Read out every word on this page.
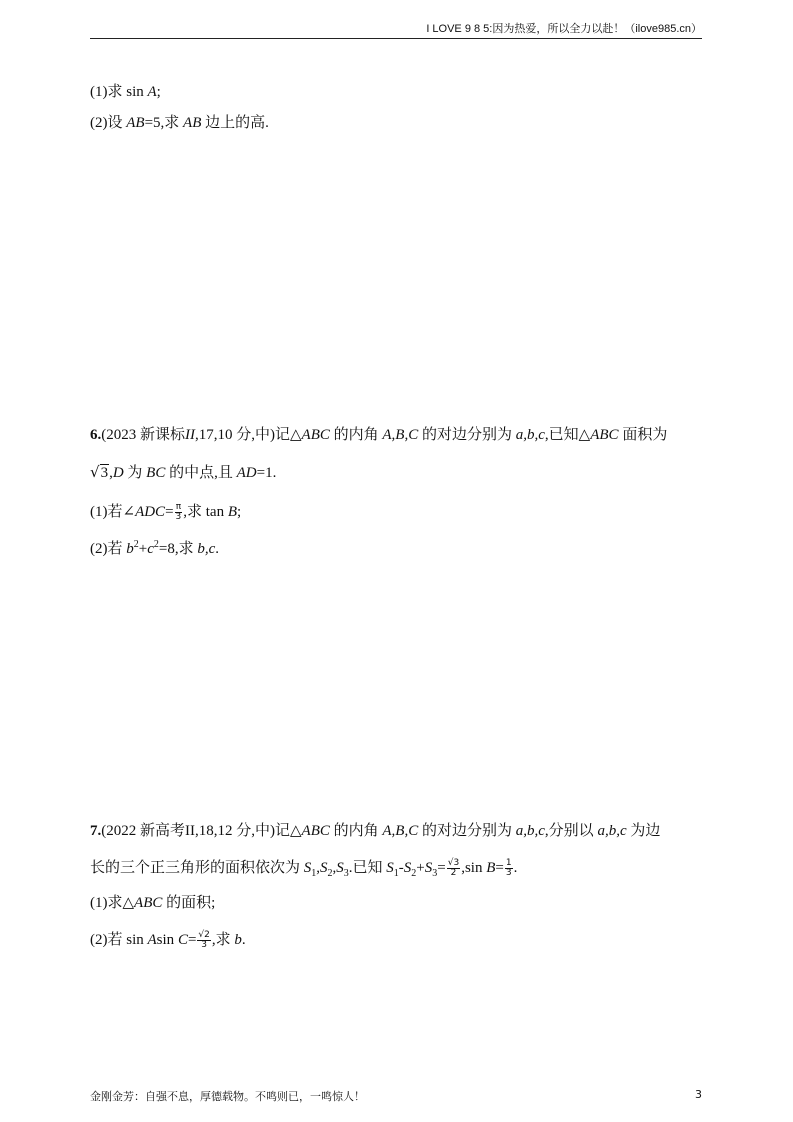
I LOVE 9 8 5:因为热爱，所以全力以赴！（ilove985.cn）
(1)求 sin A;
(2)设 AB=5,求 AB 边上的高.
6.(2023 新课标II,17,10 分,中)记△ABC 的内角 A,B,C 的对边分别为 a,b,c,已知△ABC 面积为
√3,D 为 BC 的中点,且 AD=1.
(1)若∠ADC= $\frac{\pi}{3}$ ,求 tan B;
(2)若 $b^2+c^2=8$,求 b,c.
7.(2022 新高考II,18,12 分,中)记△ABC 的内角 A,B,C 的对边分别为 a,b,c,分别以 a,b,c 为边
长的三个正三角形的面积依次为 $S_1,S_2,S_3$.已知 $S_1-S_2+S_3= \frac{√3}{2} ,\sin$ $B= \frac{1}{3}$ .
(1)求△ABC 的面积;
(2)若 sin Asin $C= \frac{√2}{3}$ ,求 b.
金刚金芳：自强不息，厚德载物。不鸣则已，一鸣惊人！	3
